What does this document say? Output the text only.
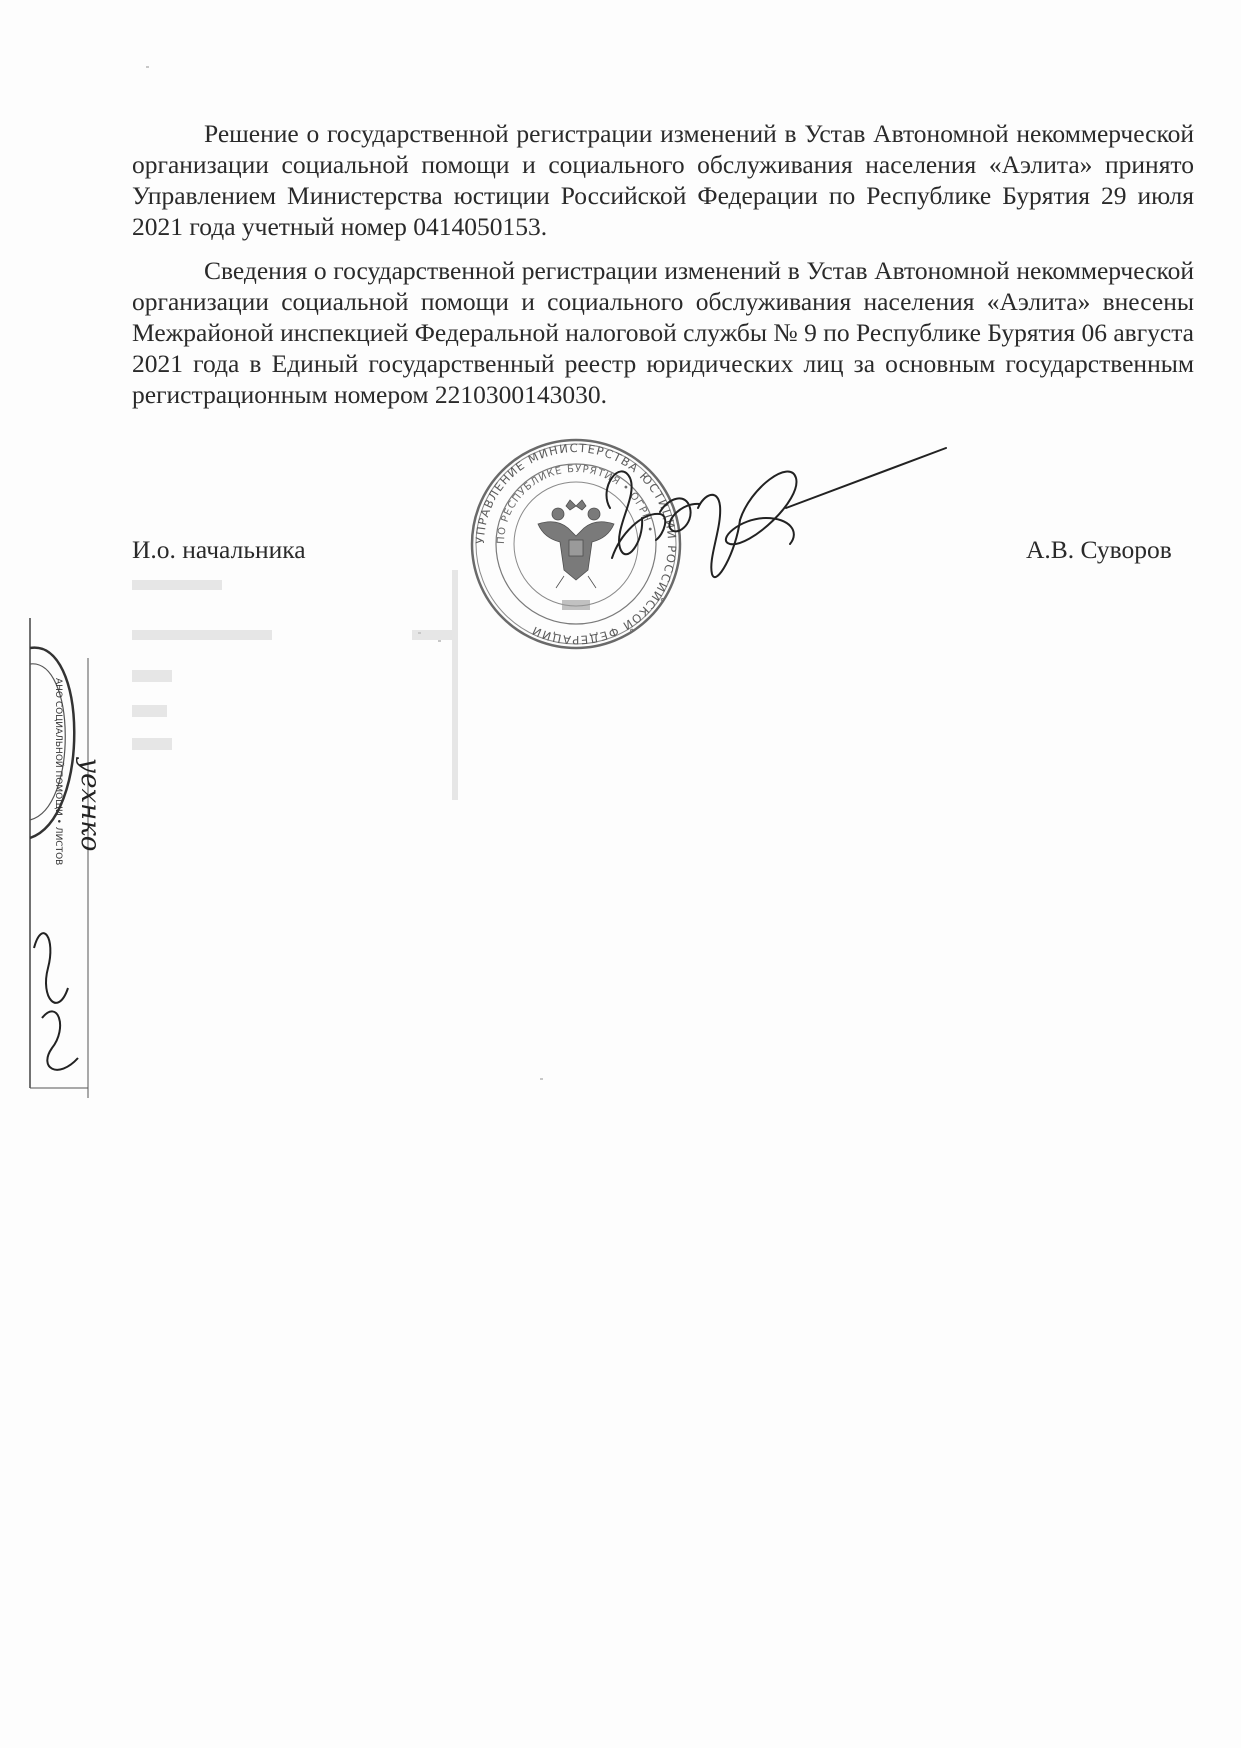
Решение о государственной регистрации изменений в Устав Автономной некоммерческой организации социальной помощи и социального обслуживания населения «Аэлита» принято Управлением Министерства юстиции Российской Федерации по Республике Бурятия 29 июля 2021 года учетный номер 0414050153.

Сведения о государственной регистрации изменений в Устав Автономной некоммерческой организации социальной помощи и социального обслуживания населения «Аэлита» внесены Межрайоной инспекцией Федеральной налоговой службы № 9 по Республике Бурятия 06 августа 2021 года в Единый государственный реестр юридических лиц за основным государственным регистрационным номером 2210300143030.

И.о. начальника	А.В. Суворов
УПРАВЛЕНИЕ МИНИСТЕРСТВА ЮСТИЦИИ РОССИЙСКОЙ ФЕДЕРАЦИИ
ПО РЕСПУБЛИКЕ БУРЯТИЯ • ОГРН •
АНО СОЦИАЛЬНОЙ ПОМОЩИ • ЛИСТОВ уехнко
